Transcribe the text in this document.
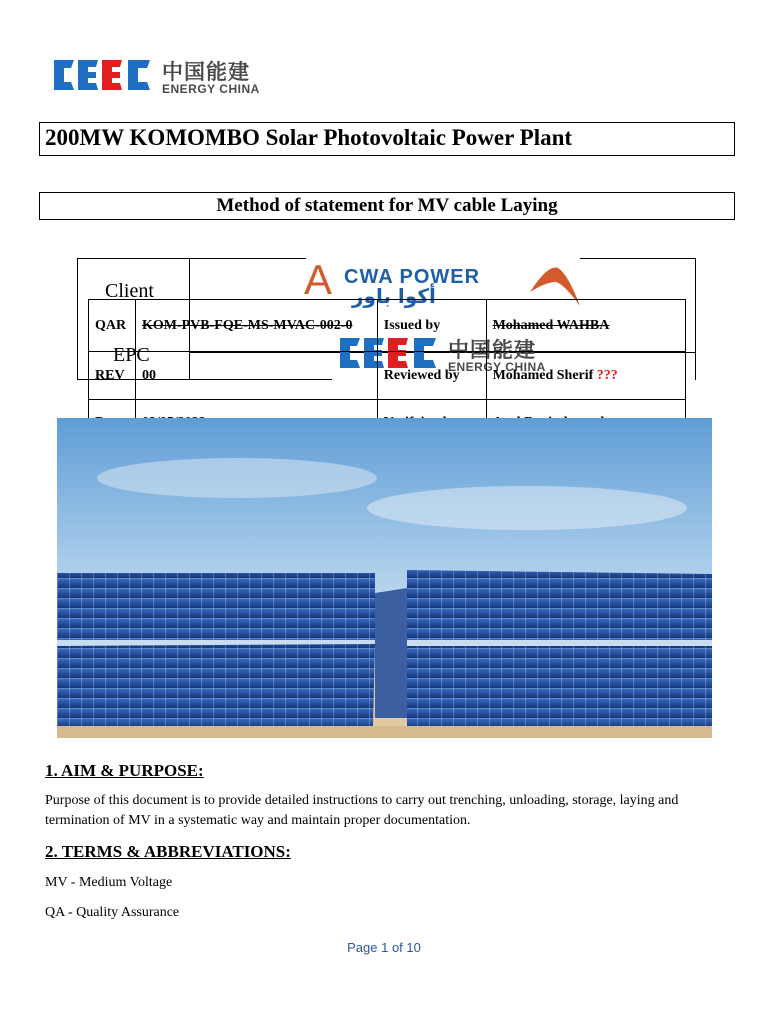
中国能建
ENERGY CHINA
200MW KOMOMBO Solar Photovoltaic Power Plant
Method of statement for MV cable Laying
Client
EPC
A CWA POWER
أكوا باور
中国能建
ENERGY CHINA
QAR	KOM-PVB-FQE-MS-MVAC-002-0	Issued by	Mohamed WAHBA
REV	00	Reviewed by	Mohamed Sherif ???

1. AIM & PURPOSE:
Purpose of this document is to provide detailed instructions to carry out trenching, unloading, storage, laying and termination of MV in a systematic way and maintain proper documentation.
2. TERMS & ABBREVIATIONS:
MV - Medium Voltage
QA - Quality Assurance
Page 1 of 10
